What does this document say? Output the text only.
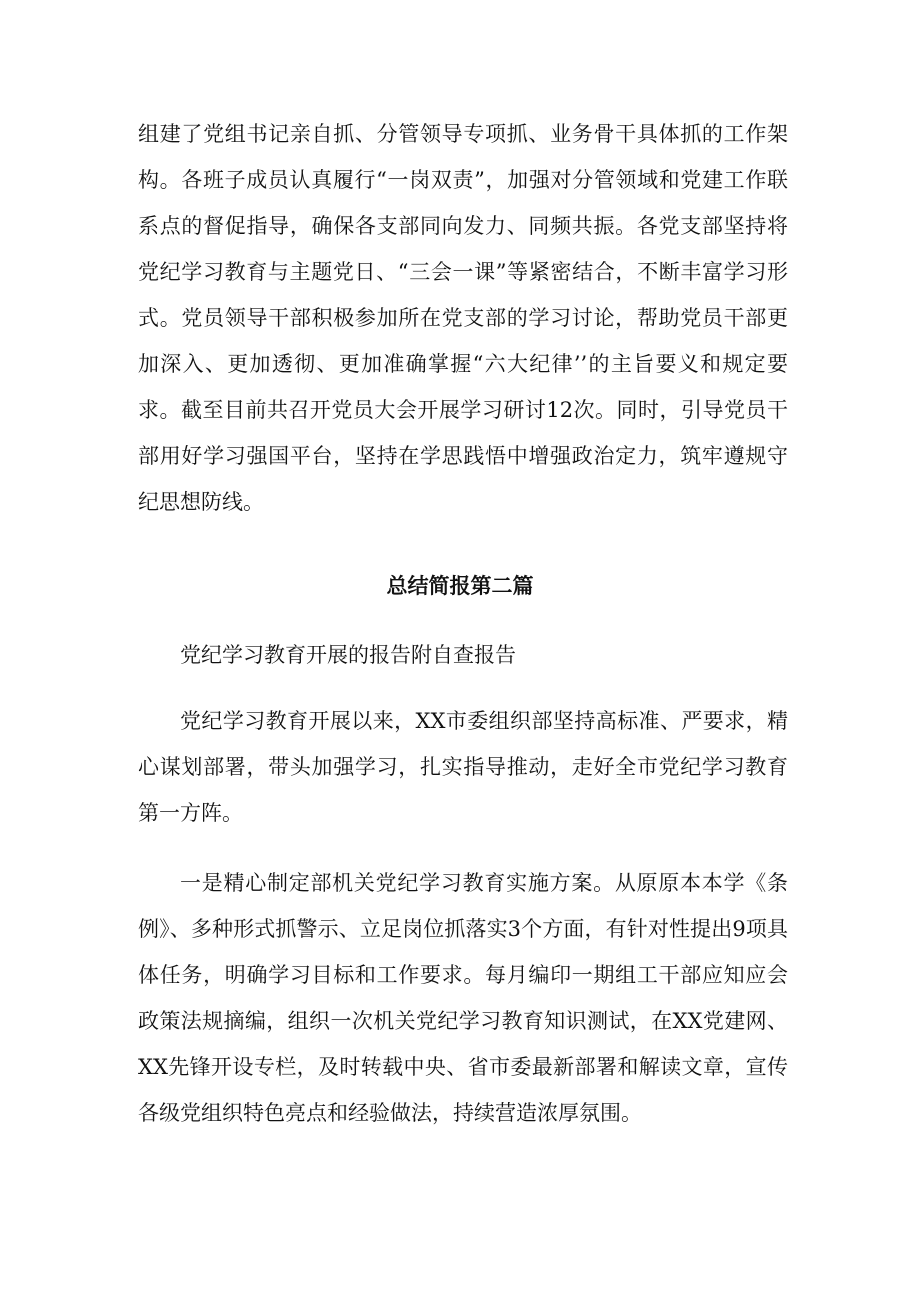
组建了党组书记亲自抓、分管领导专项抓、业务骨干具体抓的工作架构。各班子成员认真履行“一岗双责”，加强对分管领域和党建工作联系点的督促指导，确保各支部同向发力、同频共振。各党支部坚持将党纪学习教育与主题党日、“三会一课”等紧密结合，不断丰富学习形式。党员领导干部积极参加所在党支部的学习讨论，帮助党员干部更加深入、更加透彻、更加准确掌握“六大纪律’’的主旨要义和规定要求。截至目前共召开党员大会开展学习研讨12次。同时，引导党员干部用好学习强国平台，坚持在学思践悟中增强政治定力，筑牢遵规守纪思想防线。

总结简报第二篇

党纪学习教育开展的报告附自查报告

党纪学习教育开展以来，XX市委组织部坚持高标准、严要求，精心谋划部署，带头加强学习，扎实指导推动，走好全市党纪学习教育第一方阵。

一是精心制定部机关党纪学习教育实施方案。从原原本本学《条例》、多种形式抓警示、立足岗位抓落实3个方面，有针对性提出9项具体任务，明确学习目标和工作要求。每月编印一期组工干部应知应会政策法规摘编，组织一次机关党纪学习教育知识测试，在XX党建网、XX先锋开设专栏，及时转载中央、省市委最新部署和解读文章，宣传各级党组织特色亮点和经验做法，持续营造浓厚氛围。
